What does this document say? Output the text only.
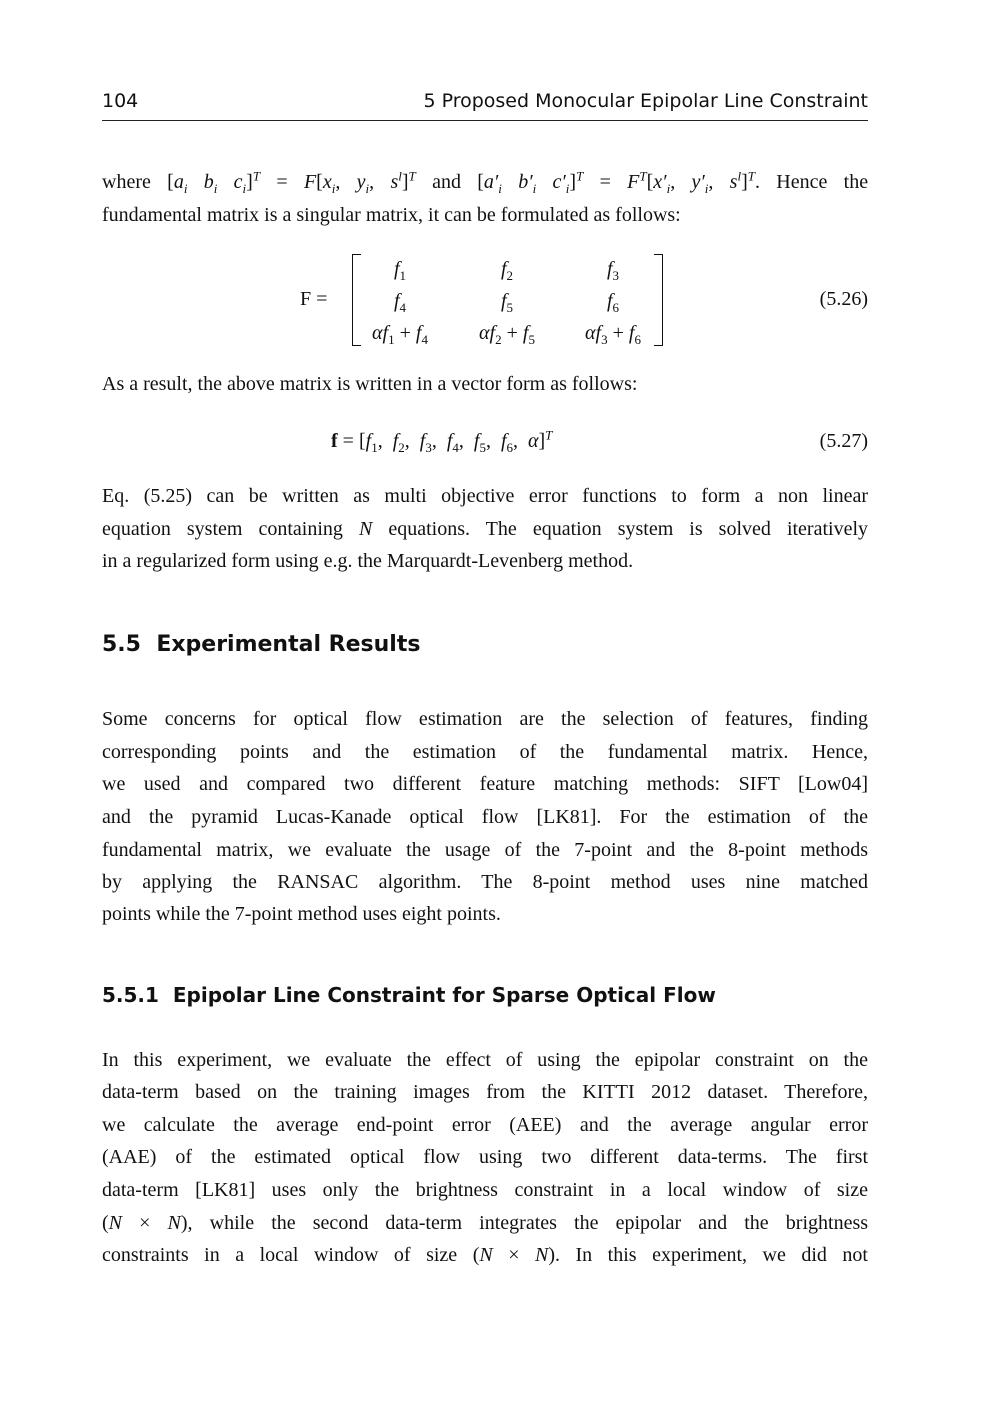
104	5 Proposed Monocular Epipolar Line Constraint
where [$a_i$ $b_i$ $c_i]^T = F[x_i$, $y_i$, $s^l]^T$ and [$a'_i$ $b'_i$ $c'_i]^T = F^T[x'_i$, $y'_i$, $s^l]^T$. Hence the
fundamental matrix is a singular matrix, it can be formulated as follows:
F =
$f_1$	$f_2$	$f_3$
$f_4$	$f_5$	$f_6$
$\alpha f_1 + f_4$	$\alpha f_2 + f_5$	$\alpha f_3 + f_6$
(5.26)
As a result, the above matrix is written in a vector form as follows:
$f = [f_1$,  $f_2$,  $f_3$,  $f_4$,  $f_5$,  $f_6$,  α]$^T$	(5.27)
Eq. (5.25) can be written as multi objective error functions to form a non linear
equation system containing N equations. The equation system is solved iteratively
in a regularized form using e.g. the Marquardt-Levenberg method.
5.5 Experimental Results
Some concerns for optical flow estimation are the selection of features, finding
corresponding points and the estimation of the fundamental matrix. Hence,
we used and compared two different feature matching methods: SIFT [Low04]
and the pyramid Lucas-Kanade optical flow [LK81]. For the estimation of the
fundamental matrix, we evaluate the usage of the 7-point and the 8-point methods
by applying the RANSAC algorithm. The 8-point method uses nine matched
points while the 7-point method uses eight points.
5.5.1 Epipolar Line Constraint for Sparse Optical Flow
In this experiment, we evaluate the effect of using the epipolar constraint on the
data-term based on the training images from the KITTI 2012 dataset. Therefore,
we calculate the average end-point error (AEE) and the average angular error
(AAE) of the estimated optical flow using two different data-terms. The first
data-term [LK81] uses only the brightness constraint in a local window of size
(N × N), while the second data-term integrates the epipolar and the brightness
constraints in a local window of size (N × N). In this experiment, we did not
